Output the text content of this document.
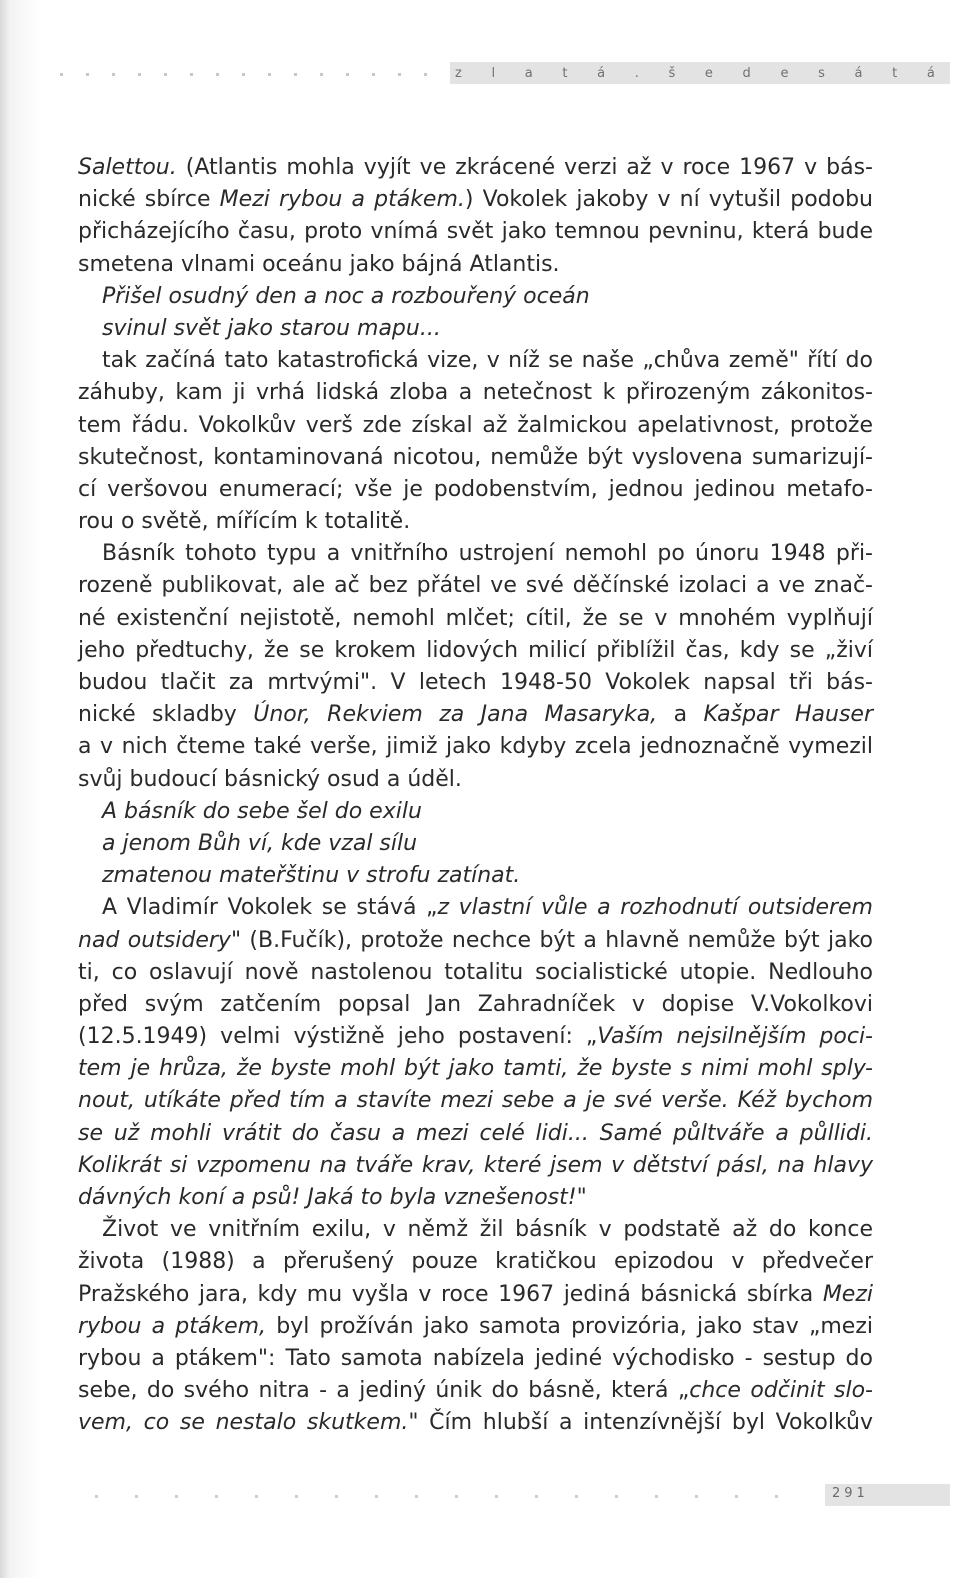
z l a t á . š e d e s á t á
Salettou. (Atlantis mohla vyjít ve zkrácené verzi až v roce 1967 v bás-
nické sbírce Mezi rybou a ptákem.) Vokolek jakoby v ní vytušil podobu
přicházejícího času, proto vnímá svět jako temnou pevninu, která bude
smetena vlnami oceánu jako bájná Atlantis.
Přišel osudný den a noc a rozbouřený oceán
svinul svět jako starou mapu...
tak začíná tato katastrofická vize, v níž se naše „chůva země" řítí do
záhuby, kam ji vrhá lidská zloba a netečnost k přirozeným zákonitos-
tem řádu. Vokolkův verš zde získal až žalmickou apelativnost, protože
skutečnost, kontaminovaná nicotou, nemůže být vyslovena sumarizují-
cí veršovou enumerací; vše je podobenstvím, jednou jedinou metafo-
rou o světě, mířícím k totalitě.
Básník tohoto typu a vnitřního ustrojení nemohl po únoru 1948 při-
rozeně publikovat, ale ač bez přátel ve své děčínské izolaci a ve znač-
né existenční nejistotě, nemohl mlčet; cítil, že se v mnohém vyplňují
jeho předtuchy, že se krokem lidových milicí přiblížil čas, kdy se „živí
budou tlačit za mrtvými". V letech 1948-50 Vokolek napsal tři bás-
nické skladby Únor, Rekviem za Jana Masaryka, a Kašpar Hauser
a v nich čteme také verše, jimiž jako kdyby zcela jednoznačně vymezil
svůj budoucí básnický osud a úděl.
A básník do sebe šel do exilu
a jenom Bůh ví, kde vzal sílu
zmatenou mateřštinu v strofu zatínat.
A Vladimír Vokolek se stává „z vlastní vůle a rozhodnutí outsiderem
nad outsidery" (B.Fučík), protože nechce být a hlavně nemůže být jako
ti, co oslavují nově nastolenou totalitu socialistické utopie. Nedlouho
před svým zatčením popsal Jan Zahradníček v dopise V.Vokolkovi
(12.5.1949) velmi výstižně jeho postavení: „Vaším nejsilnějším poci-
tem je hrůza, že byste mohl být jako tamti, že byste s nimi mohl sply-
nout, utíkáte před tím a stavíte mezi sebe a je své verše. Kéž bychom
se už mohli vrátit do času a mezi celé lidi... Samé půltváře a půllidi.
Kolikrát si vzpomenu na tváře krav, které jsem v dětství pásl, na hlavy
dávných koní a psů! Jaká to byla vznešenost!"
Život ve vnitřním exilu, v němž žil básník v podstatě až do konce
života (1988) a přerušený pouze kratičkou epizodou v předvečer
Pražského jara, kdy mu vyšla v roce 1967 jediná básnická sbírka Mezi
rybou a ptákem, byl prožíván jako samota provizória, jako stav „mezi
rybou a ptákem": Tato samota nabízela jediné východisko - sestup do
sebe, do svého nitra - a jediný únik do básně, která „chce odčinit slo-
vem, co se nestalo skutkem." Čím hlubší a intenzívnější byl Vokolkův
291
